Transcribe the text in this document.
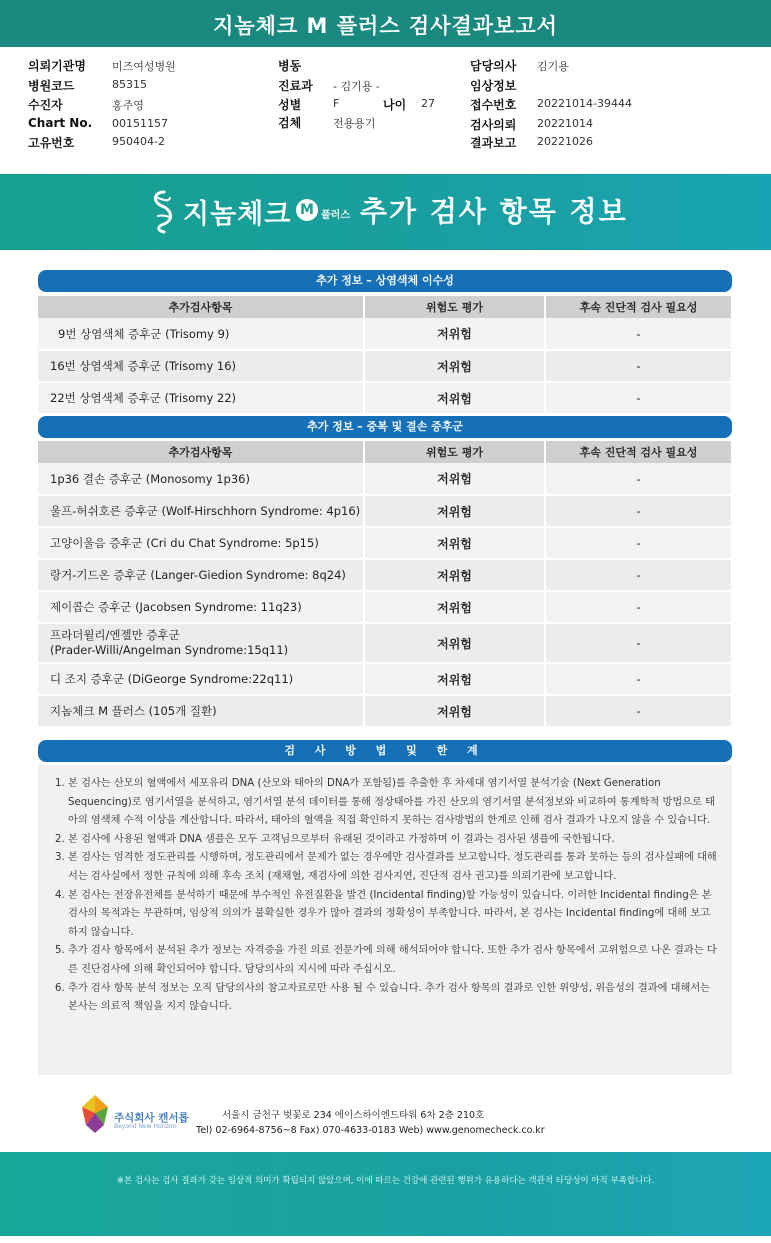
지놈체크 M 플러스 검사결과보고서
의뢰기관명 미즈여성병원
병원코드	85315
수진자	홍주영
Chart No. 00151157
고유번호	950404-2
병동
진료과 - 김기용 -
성별	F	나이 27
검체	전용용기
담당의사 김기용
임상정보
접수번호 20221014-39444
검사의뢰 20221014
결과보고 20221026
지놈체크 M 플러스 추가 검사 항목 정보
추가 정보 – 상염색체 이수성
추가검사항목	위험도 평가	후속 진단적 검사 필요성
9번 상염색체 증후군 (Trisomy 9)	저위험	-
16번 상염색체 증후군 (Trisomy 16)	저위험	-
22번 상염색체 증후군 (Trisomy 22)	저위험	-
추가 정보 – 중복 및 결손 증후군
추가검사항목	위험도 평가	후속 진단적 검사 필요성
1p36 결손 증후군 (Monosomy 1p36)	저위험	-
울프-허쉬호른 증후군 (Wolf-Hirschhorn Syndrome: 4p16)	저위험	-
고양이울음 증후군 (Cri du Chat Syndrome: 5p15)	저위험	-
랑거-기드온 증후군 (Langer-Giedion Syndrome: 8q24)	저위험	-
제이콥슨 증후군 (Jacobsen Syndrome: 11q23)	저위험	-

프라더윌리/엔젤만 증후군
(Prader-Willi/Angelman Syndrome:15q11)	저위험	-
디 조지 증후군 (DiGeorge Syndrome:22q11)	저위험	-
지놈체크 M 플러스 (105개 질환)	저위험	-
검 사 방 법 및 한 계
1. 본 검사는 산모의 혈액에서 세포유리 DNA (산모와 태아의 DNA가 포함됨)를 추출한 후 차세대 염기서열 분석기술 (Next Generation Sequencing)로 염기서열을 분석하고, 염기서열 분석 데이터를 통해 정상태아를 가진 산모의 염기서열 분석정보와 비교하여 통계학적 방법으로 태아의 염색체 수적 이상을 계산합니다. 따라서, 태아의 혈액을 직접 확인하지 못하는 검사방법의 한계로 인해 검사 결과가 나오지 않을 수 있습니다.
2. 본 검사에 사용된 혈액과 DNA 샘플은 모두 고객님으로부터 유래된 것이라고 가정하며 이 결과는 검사된 샘플에 국한됩니다.
3. 본 검사는 엄격한 정도관리를 시행하며, 정도관리에서 문제가 없는 경우에만 검사결과를 보고합니다. 정도관리를 통과 못하는 등의 검사실패에 대해서는 검사실에서 정한 규칙에 의해 후속 조치 (재채혈, 재검사에 의한 검사지연, 진단적 검사 권고)를 의뢰기관에 보고합니다.
4. 본 검사는 전장유전체를 분석하기 때문에 부수적인 유전질환을 발견 (Incidental finding)할 가능성이 있습니다. 이러한 Incidental finding은 본 검사의 목적과는 무관하며, 임상적 의의가 불확실한 경우가 많아 결과의 정확성이 부족합니다. 따라서, 본 검사는 Incidental finding에 대해 보고하지 않습니다.
5. 추가 검사 항목에서 분석된 추가 정보는 자격증을 가진 의료 전문가에 의해 해석되어야 합니다. 또한 추가 검사 항목에서 고위험으로 나온 결과는 다른 진단검사에 의해 확인되어야 합니다. 담당의사의 지시에 따라 주십시오.
6. 추가 검사 항목 분석 정보는 오직 담당의사의 참고자료로만 사용 될 수 있습니다. 추가 검사 항목의 결과로 인한 위양성, 위음성의 결과에 대해서는 본사는 의료적 책임을 지지 않습니다.
주식회사 캔서롭
Beyond New Horizon
서울시 금천구 벚꽃로 234 에이스하이엔드타워 6차 2층 210호
Tel) 02-6964-8756~8 Fax) 070-4633-0183 Web) www.genomecheck.co.kr
※본 검사는 검사 결과가 갖는 임상적 의미가 확립되지 않았으며, 이에 따르는 건강에 관련된 행위가 유용하다는 객관적 타당성이 아직 부족합니다.
